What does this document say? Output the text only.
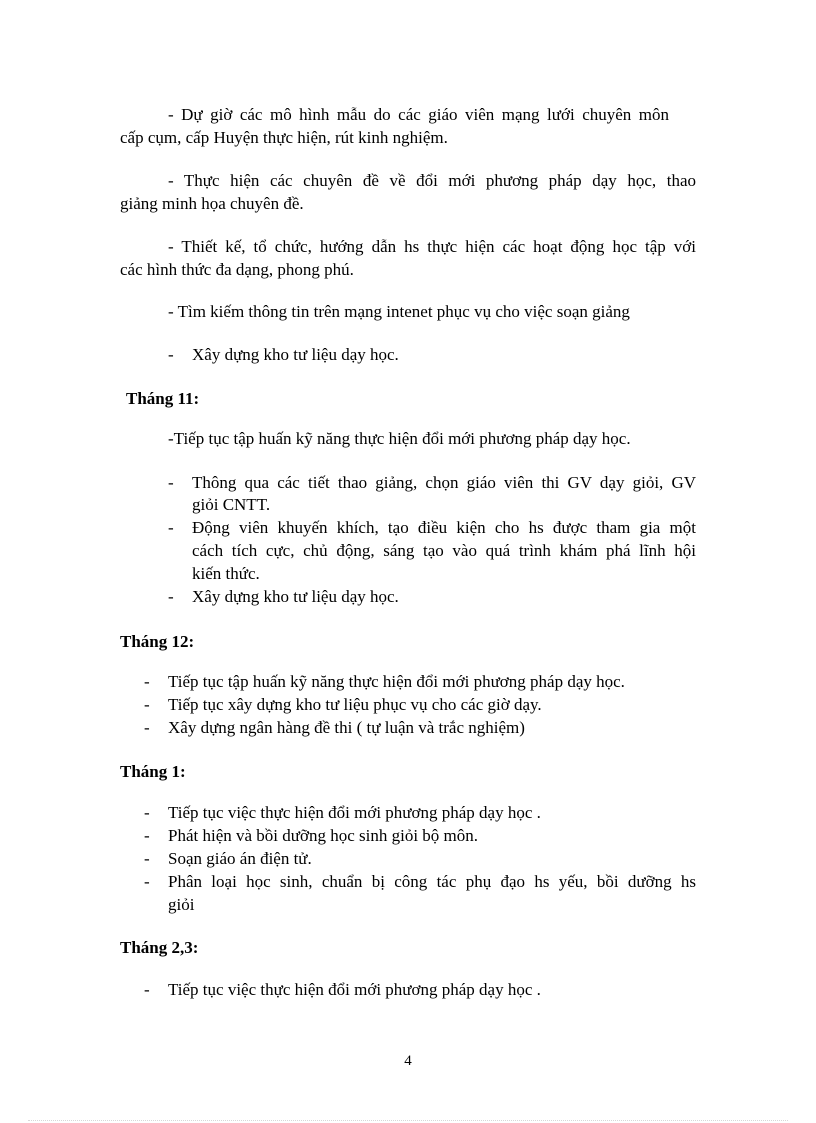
- Dự giờ các mô hình mẫu do các giáo viên mạng lưới chuyên môn
cấp cụm, cấp Huyện thực hiện, rút kinh nghiệm.
- Thực hiện các chuyên đề về đổi mới phương pháp dạy học, thao
giảng minh họa chuyên đề.
- Thiết kế, tổ chức, hướng dẫn hs thực hiện các hoạt động học tập với
các hình thức đa dạng, phong phú.
- Tìm kiếm thông tin trên mạng intenet phục vụ cho việc soạn giảng
- Xây dựng kho tư liệu dạy học.
Tháng 11:
-Tiếp tục tập huấn kỹ năng thực hiện đổi mới phương pháp dạy học.
- Thông qua các tiết thao giảng, chọn giáo viên thi GV dạy giỏi, GV
giỏi CNTT.
- Động viên khuyến khích, tạo điều kiện cho hs được tham gia một
cách tích cực, chủ động, sáng tạo vào quá trình khám phá lĩnh hội
kiến thức.
- Xây dựng kho tư liệu dạy học.
Tháng 12:
- Tiếp tục tập huấn kỹ năng thực hiện đổi mới phương pháp dạy học.
- Tiếp tục xây dựng kho tư liệu phục vụ cho các giờ dạy.
- Xây dựng ngân hàng đề thi ( tự luận và trắc nghiệm)
Tháng 1:
- Tiếp tục việc thực hiện đổi mới phương pháp dạy học .
- Phát hiện và bồi dưỡng học sinh giỏi bộ môn.
- Soạn giáo án điện tử.
- Phân loại học sinh, chuẩn bị công tác phụ đạo hs yếu, bồi dưỡng hs
giỏi
Tháng 2,3:
- Tiếp tục việc thực hiện đổi mới phương pháp dạy học .
4
